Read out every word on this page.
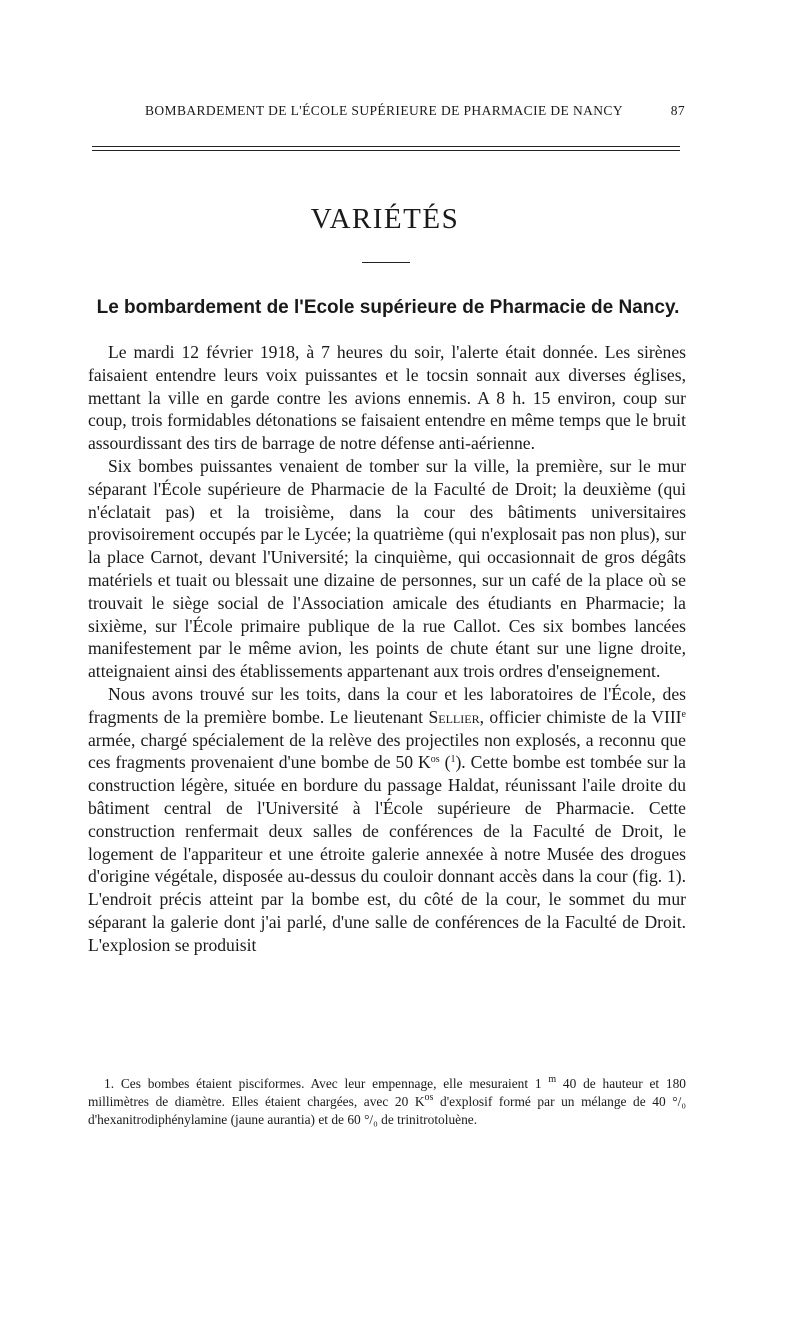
BOMBARDEMENT DE L'ÉCOLE SUPÉRIEURE DE PHARMACIE DE NANCY	87
VARIÉTÉS
Le bombardement de l'Ecole supérieure de Pharmacie de Nancy.

Le mardi 12 février 1918, à 7 heures du soir, l'alerte était donnée. Les sirènes faisaient entendre leurs voix puissantes et le tocsin sonnait aux diverses églises, mettant la ville en garde contre les avions ennemis. A 8 h. 15 environ, coup sur coup, trois formidables détonations se faisaient entendre en même temps que le bruit assourdissant des tirs de barrage de notre défense anti-aérienne.

Six bombes puissantes venaient de tomber sur la ville, la première, sur le mur séparant l'École supérieure de Pharmacie de la Faculté de Droit; la deuxième (qui n'éclatait pas) et la troisième, dans la cour des bâtiments universitaires provisoirement occupés par le Lycée; la quatrième (qui n'explosait pas non plus), sur la place Carnot, devant l'Université; la cinquième, qui occasionnait de gros dégâts matériels et tuait ou blessait une dizaine de personnes, sur un café de la place où se trouvait le siège social de l'Association amicale des étudiants en Pharmacie; la sixième, sur l'École primaire publique de la rue Callot. Ces six bombes lancées manifestement par le même avion, les points de chute étant sur une ligne droite, atteignaient ainsi des établissements appartenant aux trois ordres d'enseignement.

Nous avons trouvé sur les toits, dans la cour et les laboratoires de l'École, des fragments de la première bombe. Le lieutenant Sellier, officier chimiste de la VIIIe armée, chargé spécialement de la relève des projectiles non explosés, a reconnu que ces fragments provenaient d'une bombe de 50 $K^{os}$ ($^1$). Cette bombe est tombée sur la construction légère, située en bordure du passage Haldat, réunissant l'aile droite du bâtiment central de l'Université à l'École supérieure de Pharmacie. Cette construction renfermait deux salles de conférences de la Faculté de Droit, le logement de l'appariteur et une étroite galerie annexée à notre Musée des drogues d'origine végétale, disposée au-dessus du couloir donnant accès dans la cour (fig. 1). L'endroit précis atteint par la bombe est, du côté de la cour, le sommet du mur séparant la galerie dont j'ai parlé, d'une salle de conférences de la Faculté de Droit. L'explosion se produisit

1. Ces bombes étaient pisciformes. Avec leur empennage, elle mesuraient 1 $^m$ 40 de hauteur et 180 millimètres de diamètre. Elles étaient chargées, avec 20 $K^{os}$ d'explosif formé par un mélange de 40 °/₀ d'hexanitrodiphénylamine (jaune aurantia) et de 60 °/₀ de trinitrotoluène.
